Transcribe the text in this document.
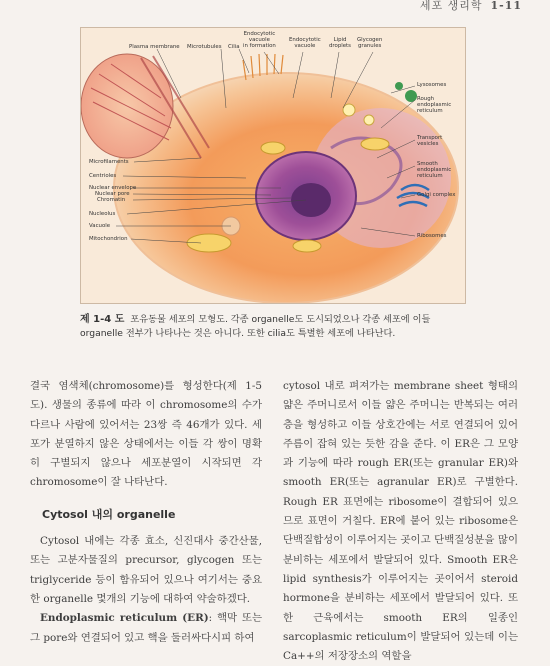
세포 생리학 1-11
Plasma membrane Microtubules Cilia
Endocytotic
vacuole
in formation
Endocytotic
vacuole
Lipid
droplets
Glycogen
granules
Lysosomes
Rough
endoplasmic
reticulum
Transport
vesicles
Smooth
endoplasmic
reticulum
Golgi complex
Ribosomes
Microfilaments
Centrioles
Nuclear envelope
Nuclear pore
Chromatin
Nucleolus
Vacuole
Mitochondrion
제 1-4 도 포유동물 세포의 모형도. 각종 organelle도 도시되었으나 각종 세포에 이들 organelle 전부가 나타나는 것은 아니다. 또한 cilia도 특별한 세포에 나타난다.

결국 염색체(chromosome)를 형성한다(제 1-5도). 생물의 종류에 따라 이 chromosome의 수가 다르나 사람에 있어서는 23쌍 즉 46개가 있다. 세포가 분열하지 않은 상태에서는 이들 각 쌍이 명확히 구별되지 않으나 세포분열이 시작되면 각 chromosome이 잘 나타난다.

Cytosol 내의 organelle

Cytosol 내에는 각종 효소, 신진대사 중간산물, 또는 고분자물질의 precursor, glycogen 또는 triglyceride 등이 함유되어 있으나 여기서는 중요한 organelle 몇개의 기능에 대하여 약술하겠다.

Endoplasmic reticulum (ER): 핵막 또는 그 pore와 연결되어 있고 핵을 둘러싸다시피 하여

cytosol 내로 펴져가는 membrane sheet 형태의 얇은 주머니로서 이들 얇은 주머니는 반복되는 여러층을 형성하고 이들 상호간에는 서로 연결되어 있어 주름이 잡혀 있는 듯한 감을 준다. 이 ER은 그 모양과 기능에 따라 rough ER(또는 granular ER)와 smooth ER(또는 agranular ER)로 구별한다. Rough ER 표면에는 ribosome이 결합되어 있으므로 표면이 거칠다. ER에 붙어 있는 ribosome은 단백질합성이 이루어지는 곳이고 단백질성분을 많이 분비하는 세포에서 발달되어 있다. Smooth ER은 lipid synthesis가 이루어지는 곳이어서 steroid hormone을 분비하는 세포에서 발달되어 있다. 또한 근육에서는 smooth ER의 일종인 sarcoplasmic reticulum이 발달되어 있는데 이는 Ca++의 저장장소의 역할을
